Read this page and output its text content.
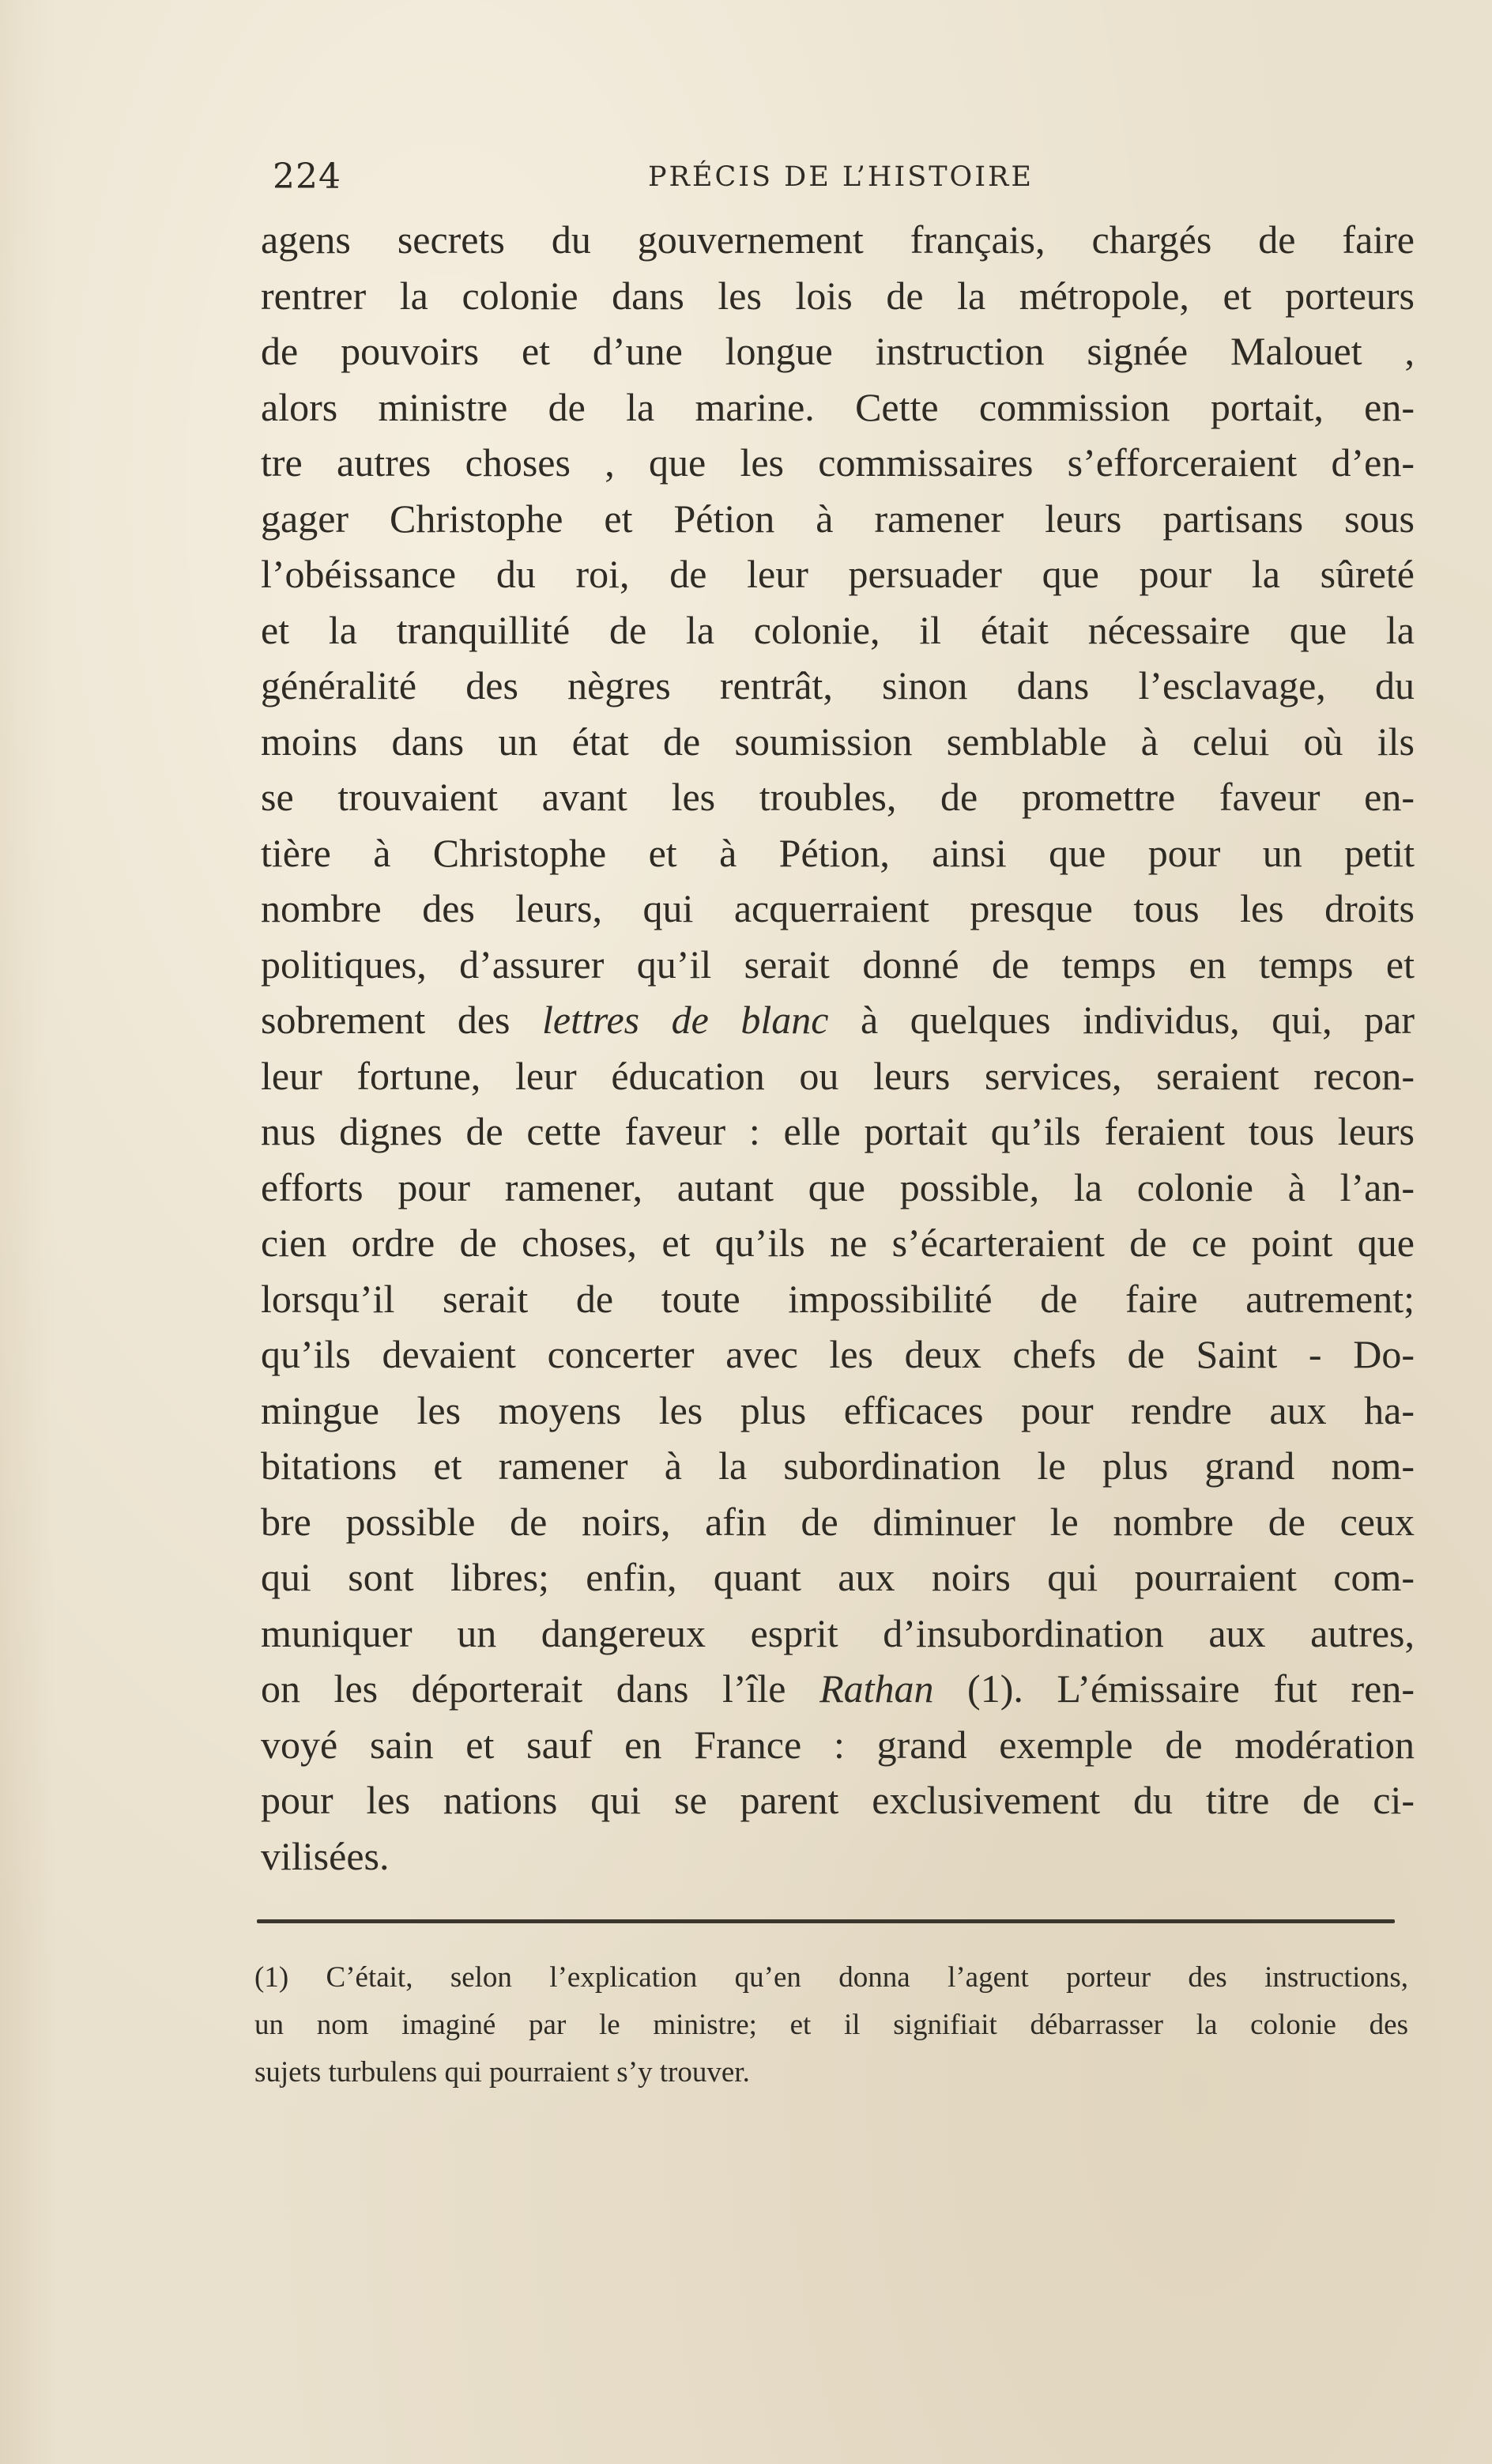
224	PRÉCIS DE L’HISTOIRE
agens secrets du gouvernement français, chargés de faire
rentrer la colonie dans les lois de la métropole, et porteurs
de pouvoirs et d’une longue instruction signée Malouet ,
alors ministre de la marine. Cette commission portait, en-
tre autres choses , que les commissaires s’efforceraient d’en-
gager Christophe et Pétion à ramener leurs partisans sous
l’obéissance du roi, de leur persuader que pour la sûreté
et la tranquillité de la colonie, il était nécessaire que la
généralité des nègres rentrât, sinon dans l’esclavage, du
moins dans un état de soumission semblable à celui où ils
se trouvaient avant les troubles, de promettre faveur en-
tière à Christophe et à Pétion, ainsi que pour un petit
nombre des leurs, qui acquerraient presque tous les droits
politiques, d’assurer qu’il serait donné de temps en temps et
sobrement des lettres de blanc à quelques individus, qui, par
leur fortune, leur éducation ou leurs services, seraient recon-
nus dignes de cette faveur : elle portait qu’ils feraient tous leurs
efforts pour ramener, autant que possible, la colonie à l’an-
cien ordre de choses, et qu’ils ne s’écarteraient de ce point que
lorsqu’il serait de toute impossibilité de faire autrement;
qu’ils devaient concerter avec les deux chefs de Saint - Do-
mingue les moyens les plus efficaces pour rendre aux ha-
bitations et ramener à la subordination le plus grand nom-
bre possible de noirs, afin de diminuer le nombre de ceux
qui sont libres; enfin, quant aux noirs qui pourraient com-
muniquer un dangereux esprit d’insubordination aux autres,
on les déporterait dans l’île Rathan (1). L’émissaire fut ren-
voyé sain et sauf en France : grand exemple de modération
pour les nations qui se parent exclusivement du titre de ci-
vilisées.
(1) C’était, selon l’explication qu’en donna l’agent porteur des instructions,
un nom imaginé par le ministre; et il signifiait débarrasser la colonie des
sujets turbulens qui pourraient s’y trouver.
